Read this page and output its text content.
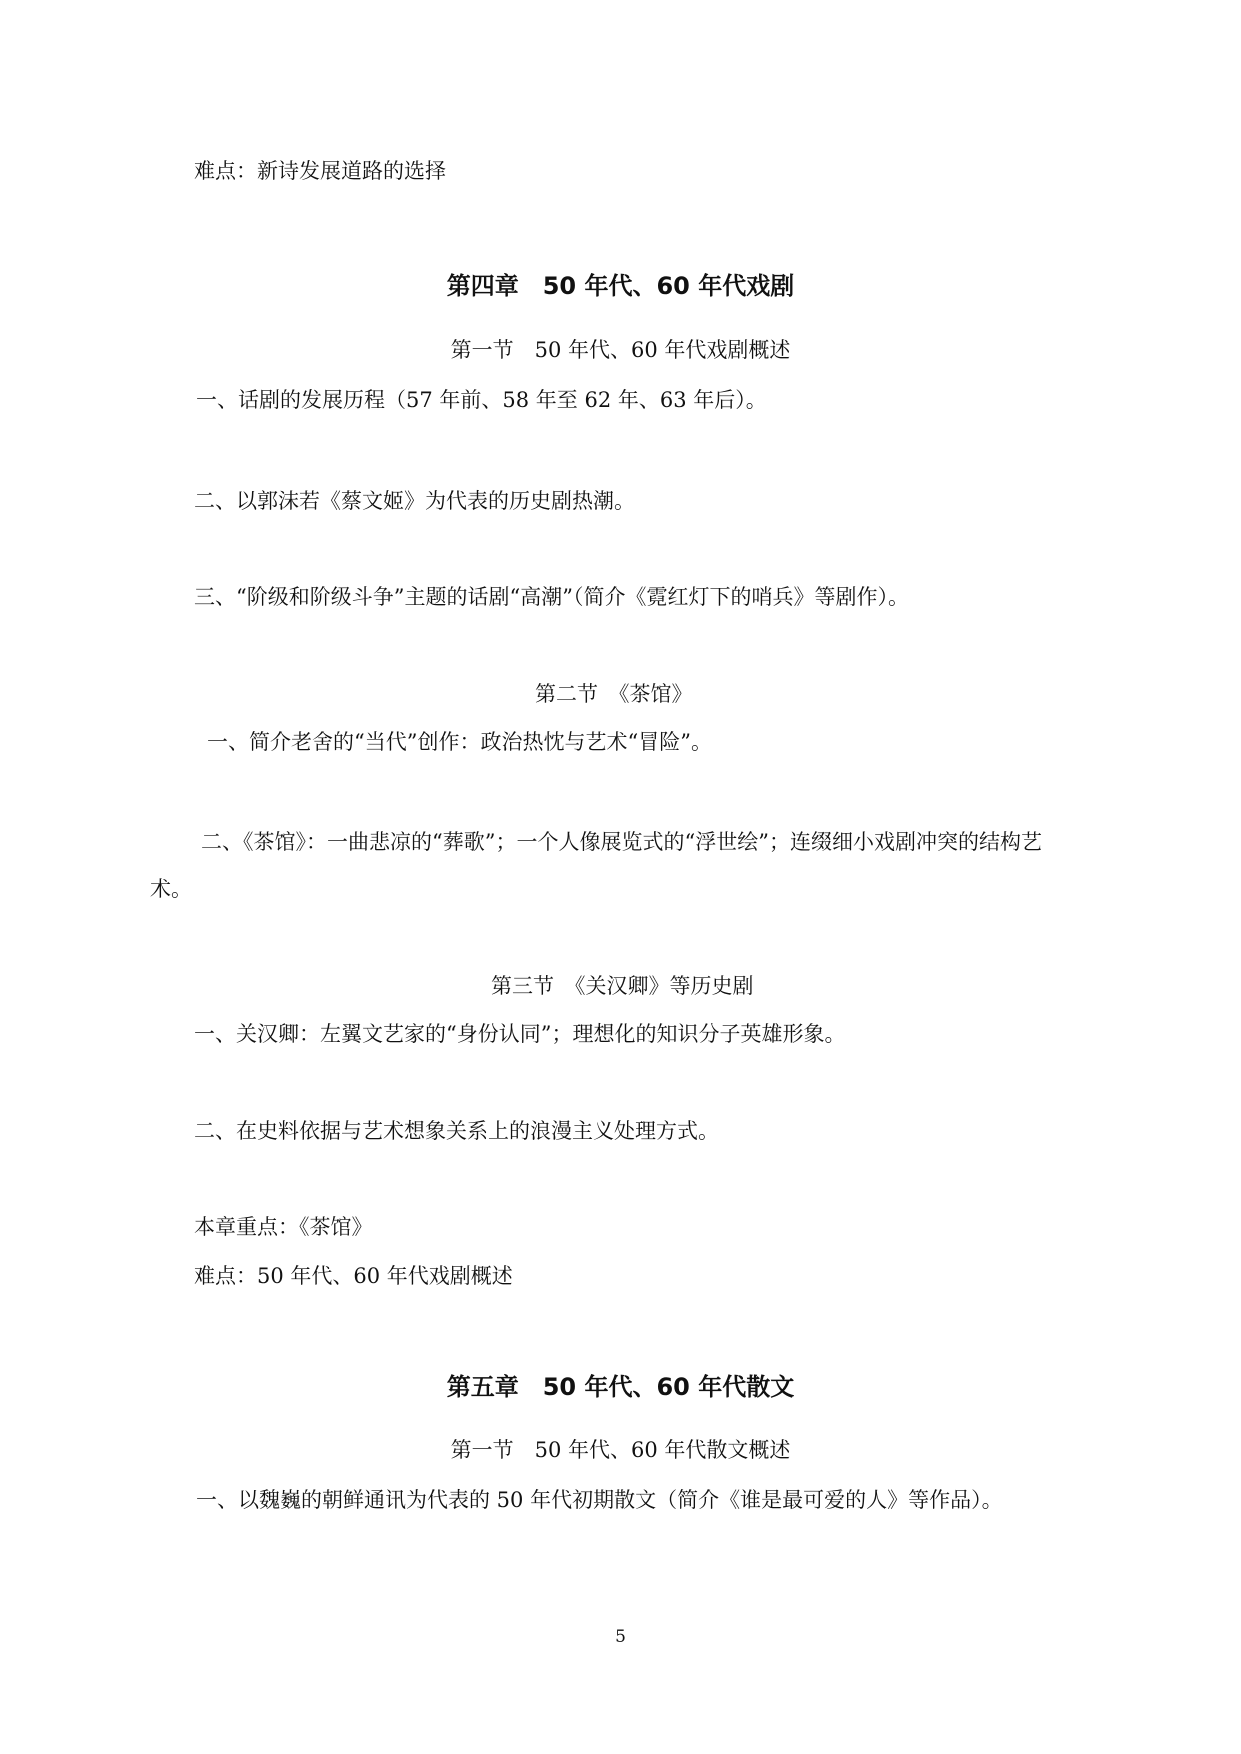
难点：新诗发展道路的选择
第四章　50 年代、60 年代戏剧
第一节　50 年代、60 年代戏剧概述
一、话剧的发展历程（57 年前、58 年至 62 年、63 年后）。
二、以郭沫若《蔡文姬》为代表的历史剧热潮。
三、“阶级和阶级斗争”主题的话剧“高潮”（简介《霓红灯下的哨兵》等剧作）。
第二节　《茶馆》
一、简介老舍的“当代”创作：政治热忱与艺术“冒险”。
二、《茶馆》：一曲悲凉的“葬歌”；一个人像展览式的“浮世绘”；连缀细小戏剧冲突的结构艺
术。
第三节　《关汉卿》等历史剧
一、关汉卿：左翼文艺家的“身份认同”；理想化的知识分子英雄形象。
二、在史料依据与艺术想象关系上的浪漫主义处理方式。
本章重点：《茶馆》
难点：50 年代、60 年代戏剧概述
第五章　50 年代、60 年代散文
第一节　50 年代、60 年代散文概述
一、以魏巍的朝鲜通讯为代表的 50 年代初期散文（简介《谁是最可爱的人》等作品）。
5
